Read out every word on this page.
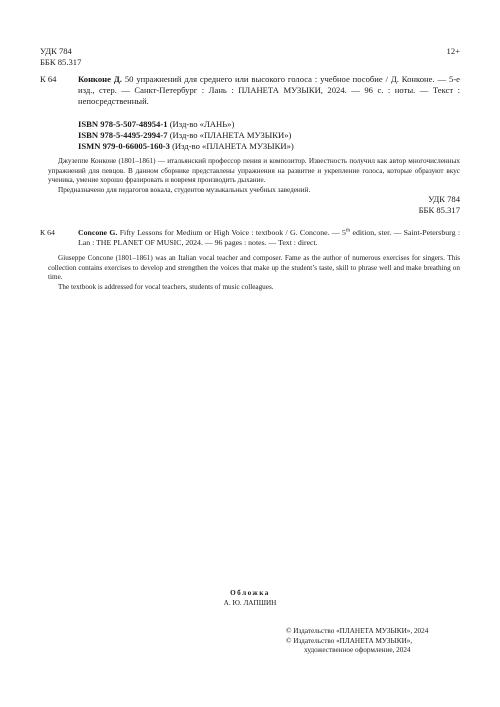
УДК 784
ББК 85.317
12+
К 64	Конконе Д. 50 упражнений для среднего или высокого голоса : учебное пособие / Д. Конконе. — 5-е изд., стер. — Санкт-Петербург : Лань : ПЛАНЕТА МУЗЫКИ, 2024. — 96 с. : ноты. — Текст : непосредственный.
ISBN 978-5-507-48954-1 (Изд-во «ЛАНЬ»)
ISBN 978-5-4495-2994-7 (Изд-во «ПЛАНЕТА МУЗЫКИ»)
ISMN 979-0-66005-160-3 (Изд-во «ПЛАНЕТА МУЗЫКИ»)

Джузеппе Конконе (1801–1861) — итальянский профессор пения и композитор. Известность получил как автор многочисленных упражнений для певцов. В данном сборнике представлены упражнения на развитие и укрепление голоса, которые образуют вкус ученика, умение хорошо фразировать и вовремя производить дыхание.

Предназначено для педагогов вокала, студентов музыкальных учебных заведений.

УДК 784
ББК 85.317
К 64	Concone G. Fifty Lessons for Medium or High Voice : textbook / G. Concone. — 5th edition, ster. — Saint-Petersburg : Lan : THE PLANET OF MUSIC, 2024. — 96 pages : notes. — Text : direct.

Giuseppe Concone (1801–1861) was an Italian vocal teacher and composer. Fame as the author of numerous exercises for singers. This collection contains exercises to develop and strengthen the voices that make up the student’s taste, skill to phrase well and make breathing on time.

The textbook is addressed for vocal teachers, students of music colleagues.

Обложка
А. Ю. ЛАПШИН
© Издательство «ПЛАНЕТА МУЗЫКИ», 2024
© Издательство «ПЛАНЕТА МУЗЫКИ»,
художественное оформление, 2024
